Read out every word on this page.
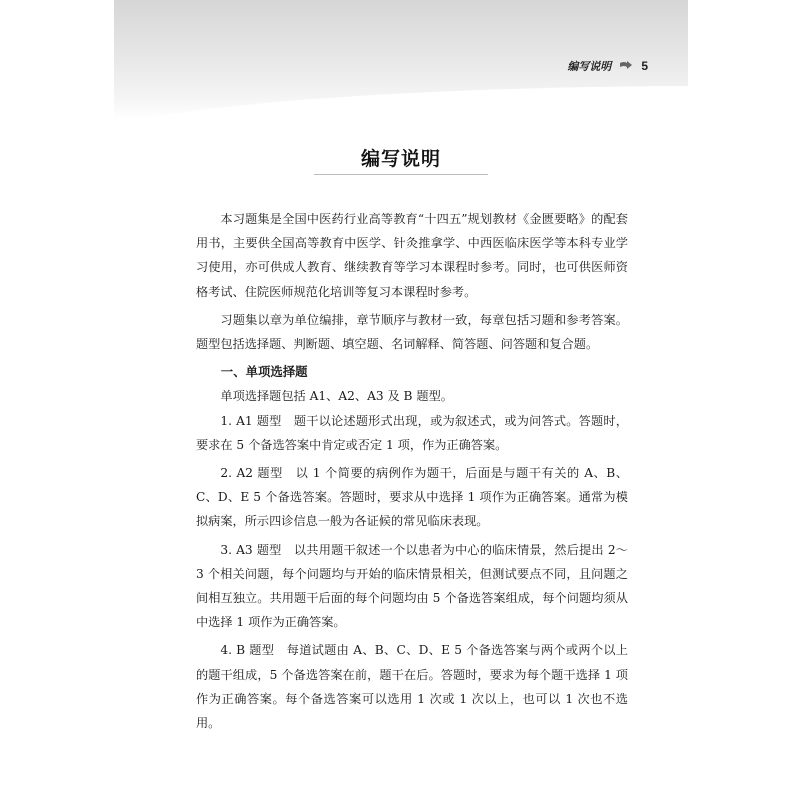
编写说明	5
编写说明

本习题集是全国中医药行业高等教育“十四五”规划教材《金匮要略》的配套用书，主要供全国高等教育中医学、针灸推拿学、中西医临床医学等本科专业学习使用，亦可供成人教育、继续教育等学习本课程时参考。同时，也可供医师资格考试、住院医师规范化培训等复习本课程时参考。

习题集以章为单位编排，章节顺序与教材一致，每章包括习题和参考答案。题型包括选择题、判断题、填空题、名词解释、简答题、问答题和复合题。

一、单项选择题

单项选择题包括 A1、A2、A3 及 B 题型。

1. A1 题型　题干以论述题形式出现，或为叙述式，或为问答式。答题时，要求在 5 个备选答案中肯定或否定 1 项，作为正确答案。

2. A2 题型　以 1 个简要的病例作为题干，后面是与题干有关的 A、B、C、D、E 5 个备选答案。答题时，要求从中选择 1 项作为正确答案。通常为模拟病案，所示四诊信息一般为各证候的常见临床表现。

3. A3 题型　以共用题干叙述一个以患者为中心的临床情景，然后提出 2～3 个相关问题，每个问题均与开始的临床情景相关，但测试要点不同，且问题之间相互独立。共用题干后面的每个问题均由 5 个备选答案组成，每个问题均须从中选择 1 项作为正确答案。

4. B 题型　每道试题由 A、B、C、D、E 5 个备选答案与两个或两个以上的题干组成，5 个备选答案在前，题干在后。答题时，要求为每个题干选择 1 项作为正确答案。每个备选答案可以选用 1 次或 1 次以上，也可以 1 次也不选用。
